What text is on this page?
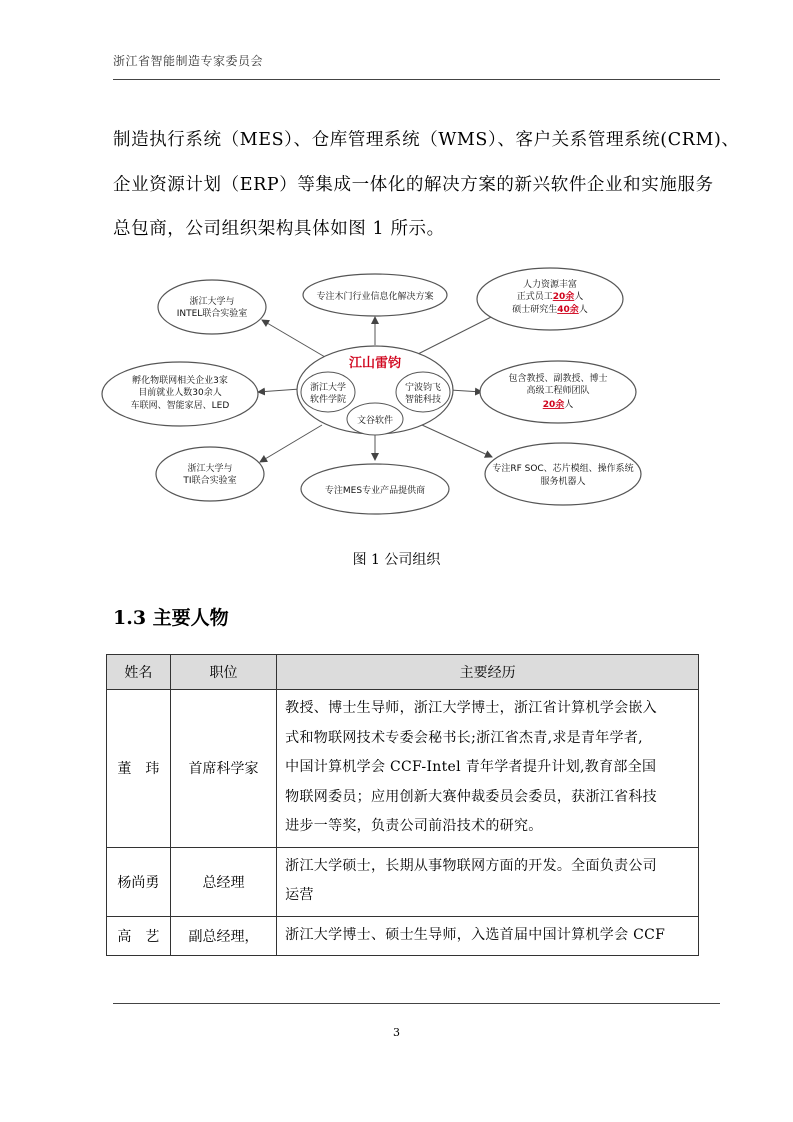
浙江省智能制造专家委员会
制造执行系统（MES）、仓库管理系统（WMS）、客户关系管理系统(CRM)、
企业资源计划（ERP）等集成一体化的解决方案的新兴软件企业和实施服务
总包商，公司组织架构具体如图 1 所示。
江山雷钧
浙江大学
软件学院
宁波钧飞
智能科技
文谷软件
浙江大学与
INTEL联合实验室
专注木门行业信息化解决方案
人力资源丰富
正式员工20余人
硕士研究生40余人
孵化物联网相关企业3家
目前就业人数30余人
车联网、智能家居、LED
包含教授、副教授、博士
高级工程师团队
20余人
浙江大学与
TI联合实验室
专注MES专业产品提供商
专注RF SOC、芯片模组、操作系统
服务机器人
图 1 公司组织
1.3 主要人物
姓名	职位	主要经历
董　玮	首席科学家	教授、博士生导师，浙江大学博士，浙江省计算机学会嵌入
式和物联网技术专委会秘书长;浙江省杰青,求是青年学者,
中国计算机学会 CCF-Intel 青年学者提升计划,教育部全国
物联网委员；应用创新大赛仲裁委员会委员，获浙江省科技
进步一等奖，负责公司前沿技术的研究。

杨尚勇	总经理	浙江大学硕士，长期从事物联网方面的开发。全面负责公司
运营

高　艺	副总经理，	浙江大学博士、硕士生导师，入选首届中国计算机学会 CCF
3
